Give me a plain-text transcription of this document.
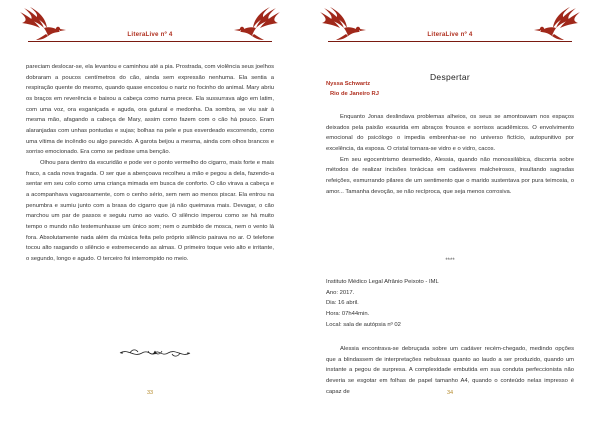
LiteraLive nº 4

pareciam deslocar-se, ela levantou e caminhou até a pia. Prostrada, com violência seus joelhos dobraram a poucos centímetros do cão, ainda sem expressão nenhuma. Ela sentia a respiração quente do mesmo, quando quase encostou o nariz no focinho do animal. Mary abriu os braços em reverência e baixou a cabeça como numa prece. Ela sussurrava algo em latim, com uma voz, ora esganiçada e aguda, ora gutural e medonha. Da sombra, se viu sair à mesma mão, afagando a cabeça de Mary, assim como fazem com o cão há pouco. Eram alaranjadas com unhas pontudas e sujas; bolhas na pele e pus esverdeado escorrendo, como uma vítima de incêndio ou algo parecido. A garota beijou a mesma, ainda com olhos brancos e sorriso emocionado. Era como se pedisse uma benção.

Olhou para dentro da escuridão e pode ver o ponto vermelho do cigarro, mais forte e mais fraco, a cada nova tragada. O ser que a abençoava recolheu a mão e pegou a dela, fazendo-a sentar em seu colo como uma criança mimada em busca de conforto. O cão virava a cabeça e a acompanhava vagarosamente, com o cenho sério, sem nem ao menos piscar. Ela entrou na penumbra e sumiu junto com a brasa do cigarro que já não queimava mais. Devagar, o cão marchou um par de passos e seguiu rumo ao vazio. O silêncio imperou como se há muito tempo o mundo não testemunhasse um único som; nem o zumbido de mosca, nem o vento lá fora. Absolutamente nada além da música feita pelo próprio silêncio pairava no ar. O telefone tocou alto rasgando o silêncio e estremecendo as almas. O primeiro toque veio alto e irritante, o segundo, longo e agudo. O terceiro foi interrompido no meio.

33
LiteraLive nº 4
Despertar
Nyssa Schwartz
Rio de Janeiro RJ

Enquanto Jonas deslindava problemas alheios, os seus se amontoavam nos espaços deixados pela paixão exaurida em abraços frouxos e sorrisos acadêmicos. O envolvimento emocional do psicólogo o impedia embrenhar-se no universo fictício, autopunitivo por excelência, da esposa. O cristal tornara-se vidro e o vidro, cacos.

Em seu egocentrismo desmedido, Alessia, quando não monossilábica, discorria sobre métodos de realizar incisões torácicas em cadáveres malcheirosos, insultando sagradas refeições, esmurrando pilares de um sentimento que o marido sustentava por pura teimosia, o amor... Tamanha devoção, se não recíproca, que seja menos corrosiva.

****
Instituto Médico Legal Afrânio Peixoto - IML
Ano: 2017.
Dia: 16 abril.
Hora: 07h44min.
Local: sala de autópsia nº 02

Alessia encontrava-se debruçada sobre um cadáver recém-chegado, medindo opções que a blindassem de interpretações nebulosas quanto ao laudo a ser produzido, quando um instante a pegou de surpresa. A complexidade embutida em sua conduta perfeccionista não deveria se esgotar em folhas de papel tamanho A4, quando o conteúdo nelas impresso é capaz de	34
